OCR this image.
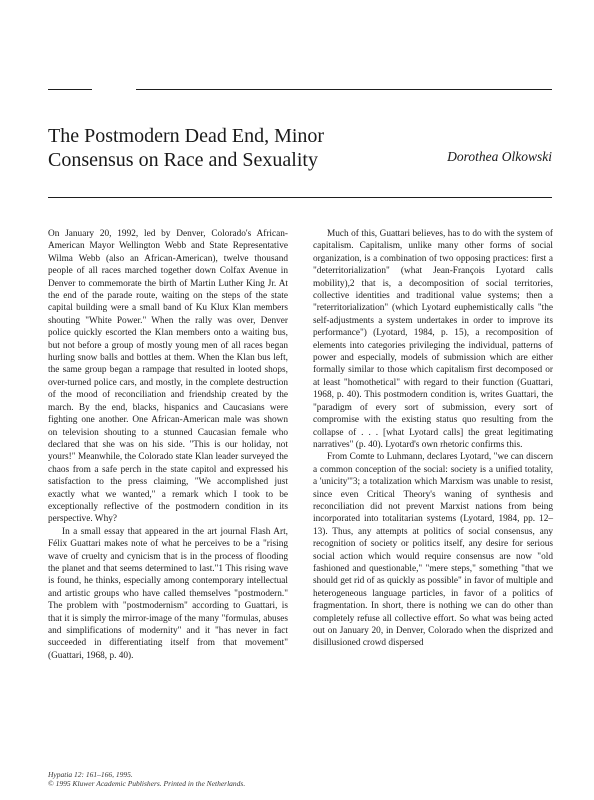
The Postmodern Dead End, Minor
Consensus on Race and Sexuality	Dorothea Olkowski

On January 20, 1992, led by Denver, Colorado's African-American Mayor Wellington Webb and State Representative Wilma Webb (also an African-American), twelve thousand people of all races marched together down Colfax Avenue in Denver to commemorate the birth of Martin Luther King Jr. At the end of the parade route, waiting on the steps of the state capital building were a small band of Ku Klux Klan members shouting "White Power." When the rally was over, Denver police quickly escorted the Klan members onto a waiting bus, but not before a group of mostly young men of all races began hurling snow balls and bottles at them. When the Klan bus left, the same group began a rampage that resulted in looted shops, over-turned police cars, and mostly, in the complete destruction of the mood of reconciliation and friendship created by the march. By the end, blacks, hispanics and Caucasians were fighting one another. One African-American male was shown on television shouting to a stunned Caucasian female who declared that she was on his side. "This is our holiday, not yours!" Meanwhile, the Colorado state Klan leader surveyed the chaos from a safe perch in the state capitol and expressed his satisfaction to the press claiming, "We accomplished just exactly what we wanted," a remark which I took to be exceptionally reflective of the postmodern condition in its perspective. Why?

In a small essay that appeared in the art journal Flash Art, Félix Guattari makes note of what he perceives to be a "rising wave of cruelty and cynicism that is in the process of flooding the planet and that seems determined to last."1 This rising wave is found, he thinks, especially among contemporary intellectual and artistic groups who have called themselves "postmodern." The problem with "postmodernism" according to Guattari, is that it is simply the mirror-image of the many "formulas, abuses and simplifications of modernity" and it "has never in fact succeeded in differentiating itself from that movement" (Guattari, 1968, p. 40).

Much of this, Guattari believes, has to do with the system of capitalism. Capitalism, unlike many other forms of social organization, is a combination of two opposing practices: first a "deterritorialization" (what Jean-François Lyotard calls mobility),2 that is, a decomposition of social territories, collective identities and traditional value systems; then a "reterritorialization" (which Lyotard euphemistically calls "the self-adjustments a system undertakes in order to improve its performance") (Lyotard, 1984, p. 15), a recomposition of elements into categories privileging the individual, patterns of power and especially, models of submission which are either formally similar to those which capitalism first decomposed or at least "homothetical" with regard to their function (Guattari, 1968, p. 40). This postmodern condition is, writes Guattari, the "paradigm of every sort of submission, every sort of compromise with the existing status quo resulting from the collapse of . . . [what Lyotard calls] the great legitimating narratives" (p. 40). Lyotard's own rhetoric confirms this.

From Comte to Luhmann, declares Lyotard, "we can discern a common conception of the social: society is a unified totality, a 'unicity'"3; a totalization which Marxism was unable to resist, since even Critical Theory's waning of synthesis and reconciliation did not prevent Marxist nations from being incorporated into totalitarian systems (Lyotard, 1984, pp. 12–13). Thus, any attempts at politics of social consensus, any recognition of society or politics itself, any desire for serious social action which would require consensus are now "old fashioned and questionable," "mere steps," something "that we should get rid of as quickly as possible" in favor of multiple and heterogeneous language particles, in favor of a politics of fragmentation. In short, there is nothing we can do other than completely refuse all collective effort. So what was being acted out on January 20, in Denver, Colorado when the disprized and disillusioned crowd dispersed

Hypatia 12: 161–166, 1995.
© 1995 Kluwer Academic Publishers. Printed in the Netherlands.
